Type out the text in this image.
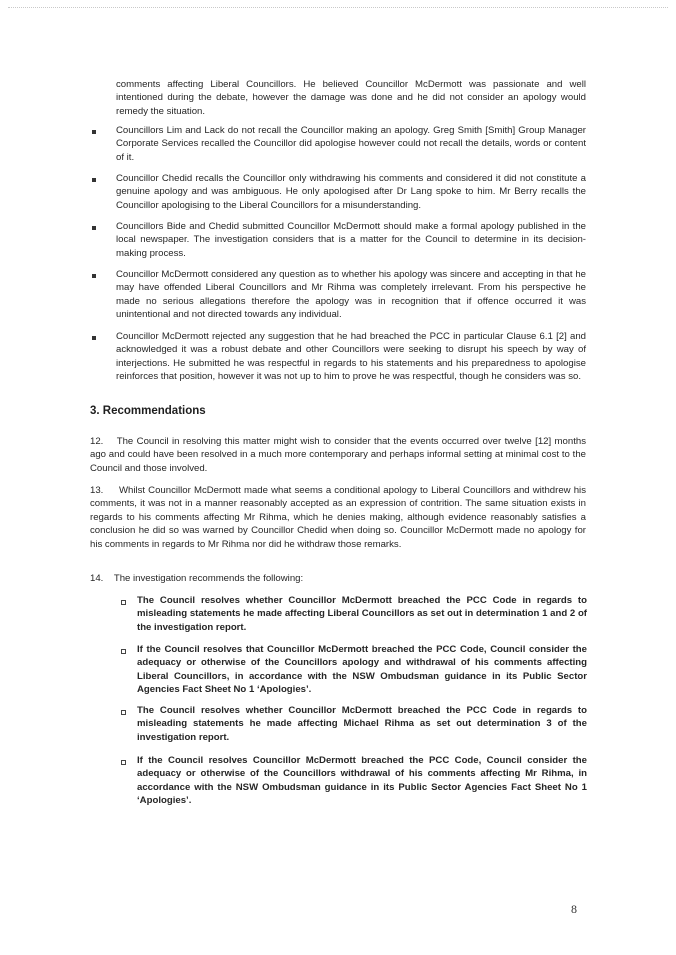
comments affecting Liberal Councillors. He believed Councillor McDermott was passionate and well intentioned during the debate, however the damage was done and he did not consider an apology would remedy the situation.
Councillors Lim and Lack do not recall the Councillor making an apology. Greg Smith [Smith] Group Manager Corporate Services recalled the Councillor did apologise however could not recall the details, words or content of it.
Councillor Chedid recalls the Councillor only withdrawing his comments and considered it did not constitute a genuine apology and was ambiguous. He only apologised after Dr Lang spoke to him. Mr Berry recalls the Councillor apologising to the Liberal Councillors for a misunderstanding.
Councillors Bide and Chedid submitted Councillor McDermott should make a formal apology published in the local newspaper. The investigation considers that is a matter for the Council to determine in its decision-making process.
Councillor McDermott considered any question as to whether his apology was sincere and accepting in that he may have offended Liberal Councillors and Mr Rihma was completely irrelevant. From his perspective he made no serious allegations therefore the apology was in recognition that if offence occurred it was unintentional and not directed towards any individual.
Councillor McDermott rejected any suggestion that he had breached the PCC in particular Clause 6.1 [2] and acknowledged it was a robust debate and other Councillors were seeking to disrupt his speech by way of interjections. He submitted he was respectful in regards to his statements and his preparedness to apologise reinforces that position, however it was not up to him to prove he was respectful, though he considers was so.
3. Recommendations
12. The Council in resolving this matter might wish to consider that the events occurred over twelve [12] months ago and could have been resolved in a much more contemporary and perhaps informal setting at minimal cost to the Council and those involved.
13. Whilst Councillor McDermott made what seems a conditional apology to Liberal Councillors and withdrew his comments, it was not in a manner reasonably accepted as an expression of contrition. The same situation exists in regards to his comments affecting Mr Rihma, which he denies making, although evidence reasonably satisfies a conclusion he did so was warned by Councillor Chedid when doing so. Councillor McDermott made no apology for his comments in regards to Mr Rihma nor did he withdraw those remarks.
14. The investigation recommends the following:
The Council resolves whether Councillor McDermott breached the PCC Code in regards to misleading statements he made affecting Liberal Councillors as set out in determination 1 and 2 of the investigation report.
If the Council resolves that Councillor McDermott breached the PCC Code, Council consider the adequacy or otherwise of the Councillors apology and withdrawal of his comments affecting Liberal Councillors, in accordance with the NSW Ombudsman guidance in its Public Sector Agencies Fact Sheet No 1 ‘Apologies’.
The Council resolves whether Councillor McDermott breached the PCC Code in regards to misleading statements he made affecting Michael Rihma as set out determination 3 of the investigation report.
If the Council resolves Councillor McDermott breached the PCC Code, Council consider the adequacy or otherwise of the Councillors withdrawal of his comments affecting Mr Rihma, in accordance with the NSW Ombudsman guidance in its Public Sector Agencies Fact Sheet No 1 ‘Apologies’.
8
